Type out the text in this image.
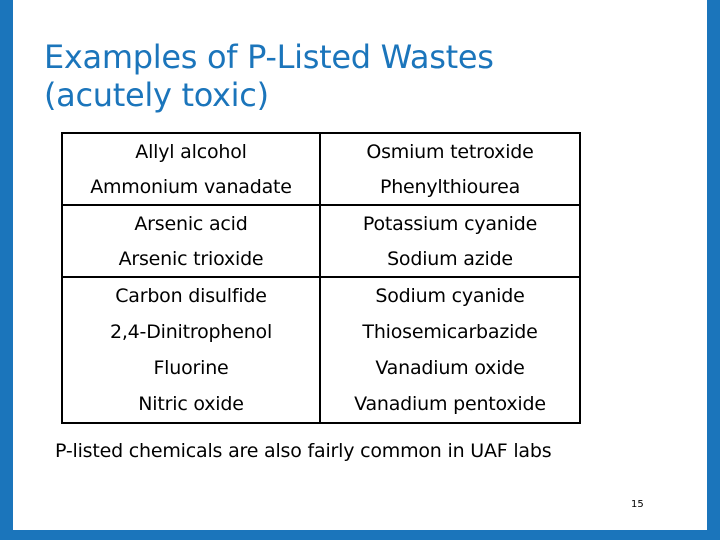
Examples of P-Listed Wastes
(acutely toxic)
Allyl alcohol	Osmium tetroxide
Ammonium vanadate	Phenylthiourea
Arsenic acid	Potassium cyanide
Arsenic trioxide	Sodium azide
Carbon disulfide	Sodium cyanide
2,4-Dinitrophenol	Thiosemicarbazide
Fluorine	Vanadium oxide
Nitric oxide	Vanadium pentoxide
P-listed chemicals are also fairly common in UAF labs
15
